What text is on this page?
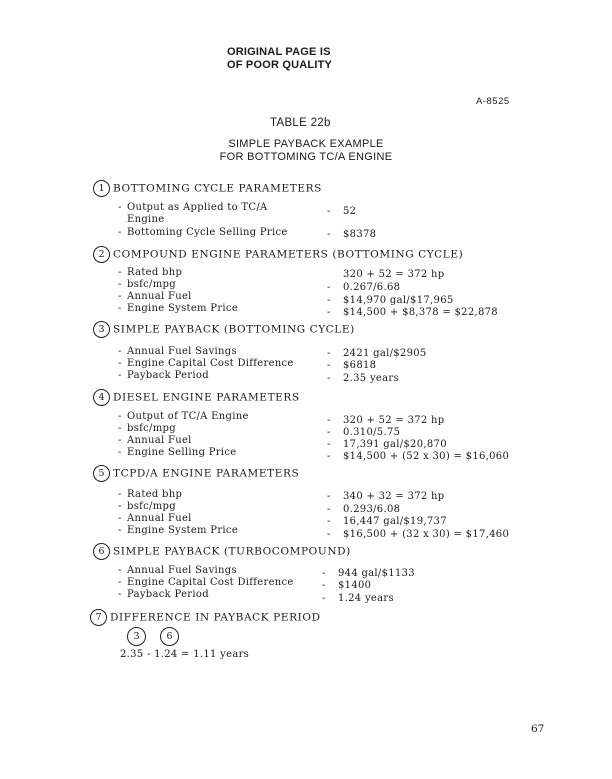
ORIGINAL PAGE IS
OF POOR QUALITY
A-8525
TABLE 22b
SIMPLE PAYBACK EXAMPLE
FOR BOTTOMING TC/A ENGINE
1 BOTTOMING CYCLE PARAMETERS
- Output as Applied to TC/A	- 52
Engine
- Bottoming Cycle Selling Price	- $8378
2 COMPOUND ENGINE PARAMETERS (BOTTOMING CYCLE)
- Rated bhp	320 + 52 = 372 hp
- bsfc/mpg	- 0.267/6.68
- Annual Fuel	- $14,970 gal/$17,965
- Engine System Price	- $14,500 + $8,378 = $22,878
3 SIMPLE PAYBACK (BOTTOMING CYCLE)
- Annual Fuel Savings	- 2421 gal/$2905
- Engine Capital Cost Difference	- $6818
- Payback Period	- 2.35 years
4 DIESEL ENGINE PARAMETERS
- Output of TC/A Engine	- 320 + 52 = 372 hp
- bsfc/mpg	- 0.310/5.75
- Annual Fuel	- 17,391 gal/$20,870
- Engine Selling Price	- $14,500 + (52 x 30) = $16,060
5 TCPD/A ENGINE PARAMETERS
- Rated bhp	- 340 + 32 = 372 hp
- bsfc/mpg	- 0.293/6.08
- Annual Fuel	- 16,447 gal/$19,737
- Engine System Price	- $16,500 + (32 x 30) = $17,460
6 SIMPLE PAYBACK (TURBOCOMPOUND)
- Annual Fuel Savings	- 944 gal/$1133
- Engine Capital Cost Difference	- $1400
- Payback Period	- 1.24 years
7 DIFFERENCE IN PAYBACK PERIOD
3	6
2.35 - 1.24 = 1.11 years
67
